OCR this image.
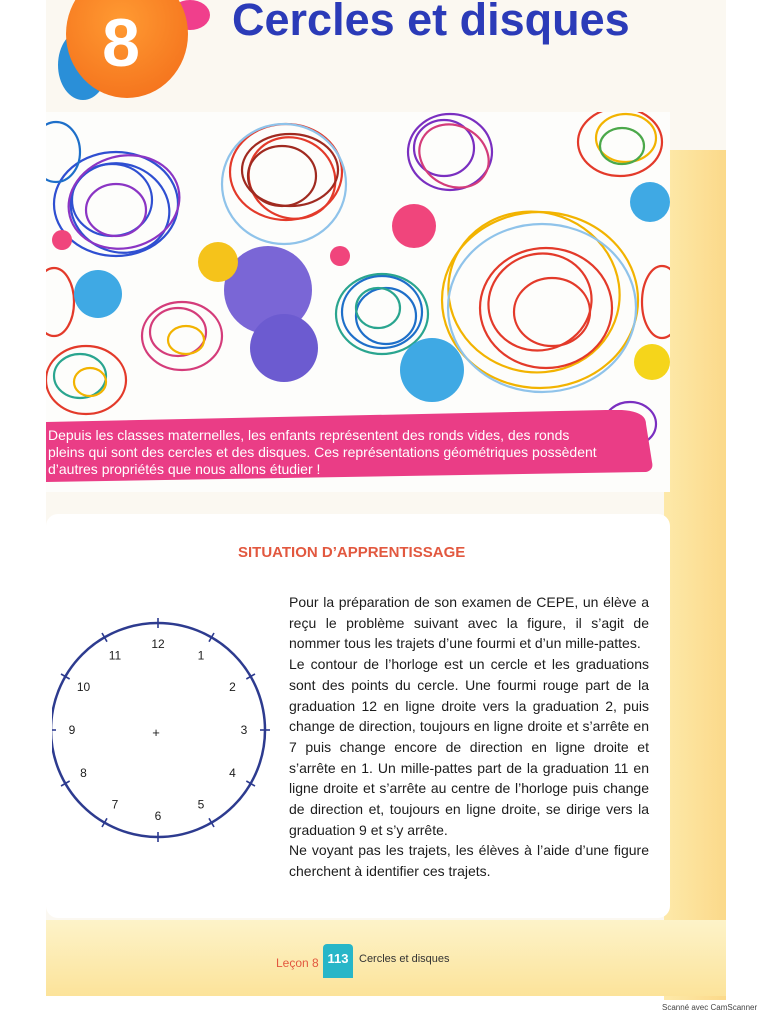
8	Cercles et disques
Depuis les classes maternelles, les enfants représentent des ronds vides, des ronds pleins qui sont des cercles et des disques. Ces représentations géométriques possèdent d’autres propriétés que nous allons étudier !
SITUATION D’APPRENTISSAGE

Pour la préparation de son examen de CEPE, un élève a reçu le problème suivant avec la figure, il s’agit de nommer tous les trajets d’une fourmi et d’un mille-pattes.

Le contour de l’horloge est un cercle et les graduations sont des points du cercle. Une fourmi rouge part de la graduation 12 en ligne droite vers la graduation 2, puis change de direction, toujours en ligne droite et s’arrête en 7 puis change encore de direction en ligne droite et s’arrête en 1. Un mille-pattes part de la graduation 11 en ligne droite et s’arrête au centre de l’horloge puis change de direction et, toujours en ligne droite, se dirige vers la graduation 9 et s’y arrête.

Ne voyant pas les trajets, les élèves à l’aide d’une figure cherchent à identifier ces trajets.

12
1
2
3
4
5
6
7
8
9
10
11
+
Leçon 8 113 Cercles et disques
Scanné avec CamScanner
